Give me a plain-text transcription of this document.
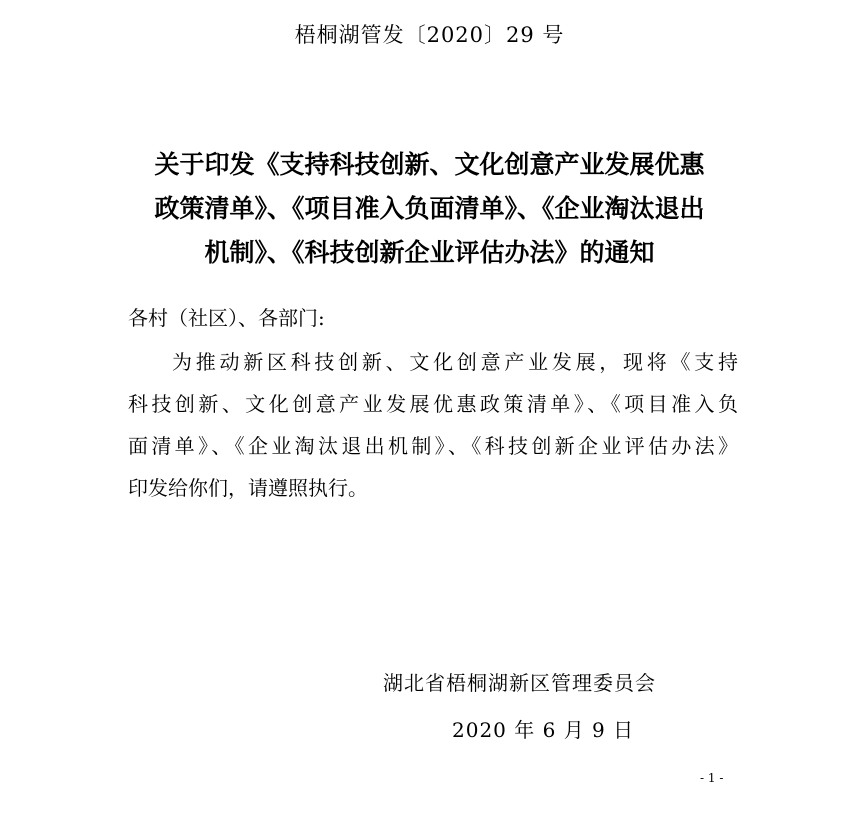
梧桐湖管发〔2020〕29 号
关于印发《支持科技创新、文化创意产业发展优惠
政策清单》、《项目准入负面清单》、《企业淘汰退出
机制》、《科技创新企业评估办法》的通知
各村（社区）、各部门:
为推动新区科技创新、文化创意产业发展，现将《支持
科技创新、文化创意产业发展优惠政策清单》、《项目准入负
面清单》、《企业淘汰退出机制》、《科技创新企业评估办法》
印发给你们，请遵照执行。
湖北省梧桐湖新区管理委员会
2020 年 6 月 9 日
- 1 -
